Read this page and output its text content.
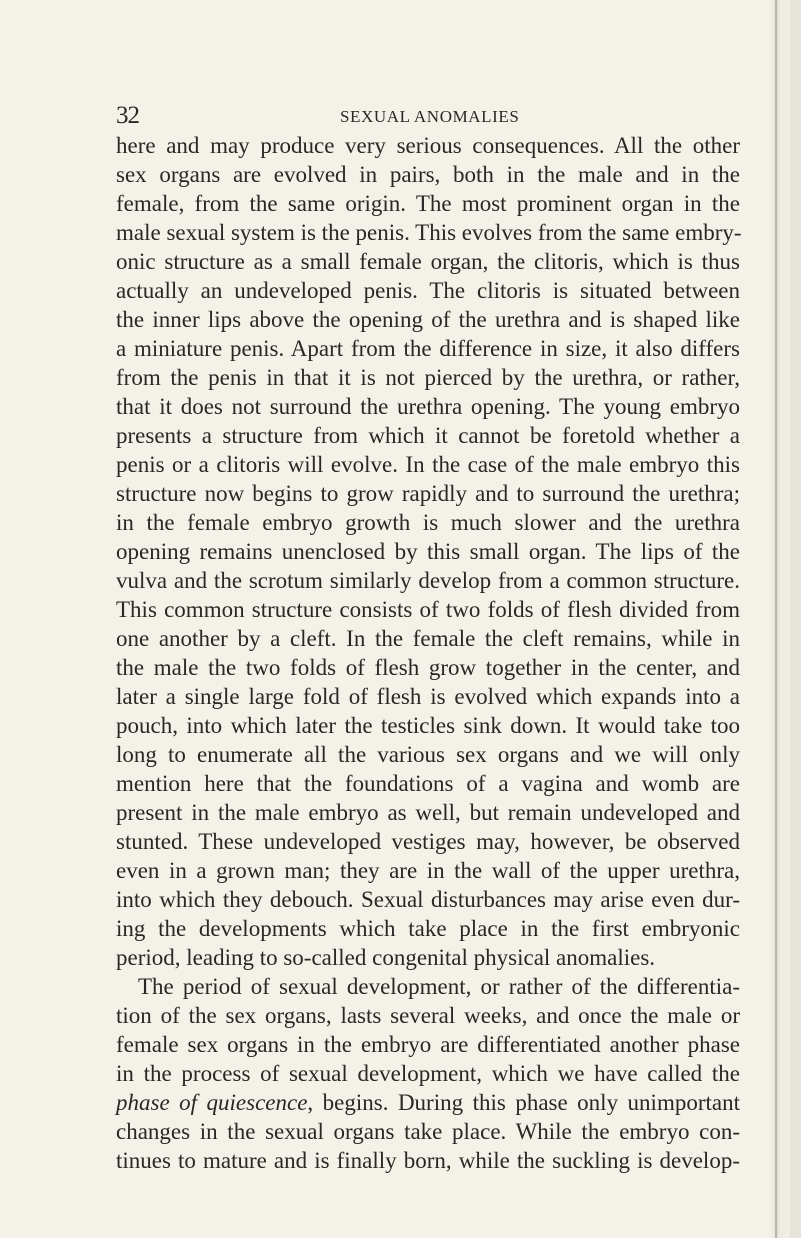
32	SEXUAL ANOMALIES
here and may produce very serious consequences. All the other
sex organs are evolved in pairs, both in the male and in the
female, from the same origin. The most prominent organ in the
male sexual system is the penis. This evolves from the same embry-
onic structure as a small female organ, the clitoris, which is thus
actually an undeveloped penis. The clitoris is situated between
the inner lips above the opening of the urethra and is shaped like
a miniature penis. Apart from the difference in size, it also differs
from the penis in that it is not pierced by the urethra, or rather,
that it does not surround the urethra opening. The young embryo
presents a structure from which it cannot be foretold whether a
penis or a clitoris will evolve. In the case of the male embryo this
structure now begins to grow rapidly and to surround the urethra;
in the female embryo growth is much slower and the urethra
opening remains unenclosed by this small organ. The lips of the
vulva and the scrotum similarly develop from a common structure.
This common structure consists of two folds of flesh divided from
one another by a cleft. In the female the cleft remains, while in
the male the two folds of flesh grow together in the center, and
later a single large fold of flesh is evolved which expands into a
pouch, into which later the testicles sink down. It would take too
long to enumerate all the various sex organs and we will only
mention here that the foundations of a vagina and womb are
present in the male embryo as well, but remain undeveloped and
stunted. These undeveloped vestiges may, however, be observed
even in a grown man; they are in the wall of the upper urethra,
into which they debouch. Sexual disturbances may arise even dur-
ing the developments which take place in the first embryonic
period, leading to so-called congenital physical anomalies.
The period of sexual development, or rather of the differentia-
tion of the sex organs, lasts several weeks, and once the male or
female sex organs in the embryo are differentiated another phase
in the process of sexual development, which we have called the
phase of quiescence, begins. During this phase only unimportant
changes in the sexual organs take place. While the embryo con-
tinues to mature and is finally born, while the suckling is develop-
